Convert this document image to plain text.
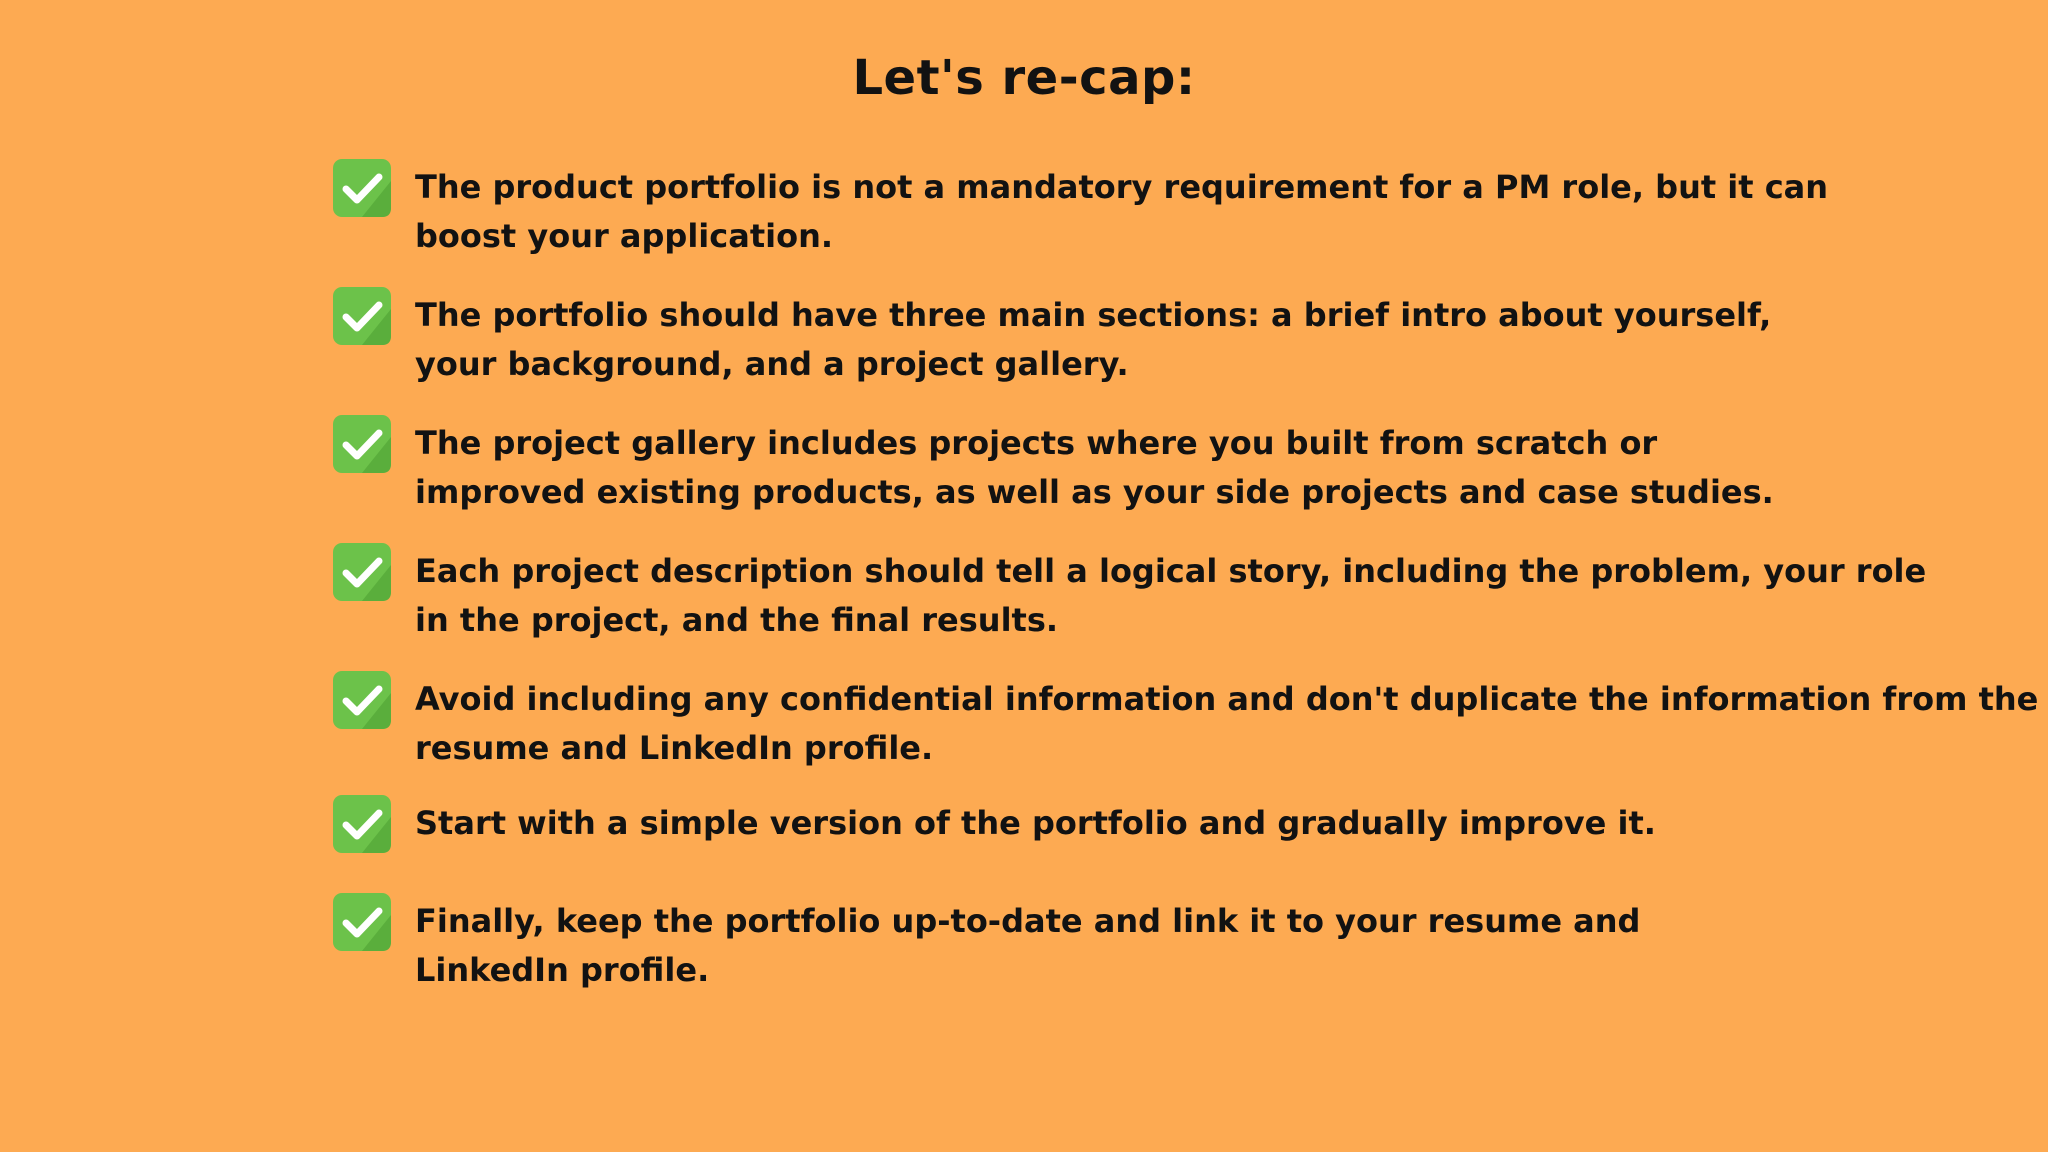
Let's re-cap:
The product portfolio is not a mandatory requirement for a PM role, but it can
boost your application.
The portfolio should have three main sections: a brief intro about yourself,
your background, and a project gallery.
The project gallery includes projects where you built from scratch or
improved existing products, as well as your side projects and case studies.
Each project description should tell a logical story, including the problem, your role
in the project, and the final results.
Avoid including any confidential information and don't duplicate the information from the
resume and LinkedIn profile.
Start with a simple version of the portfolio and gradually improve it.
Finally, keep the portfolio up-to-date and link it to your resume and
LinkedIn profile.
